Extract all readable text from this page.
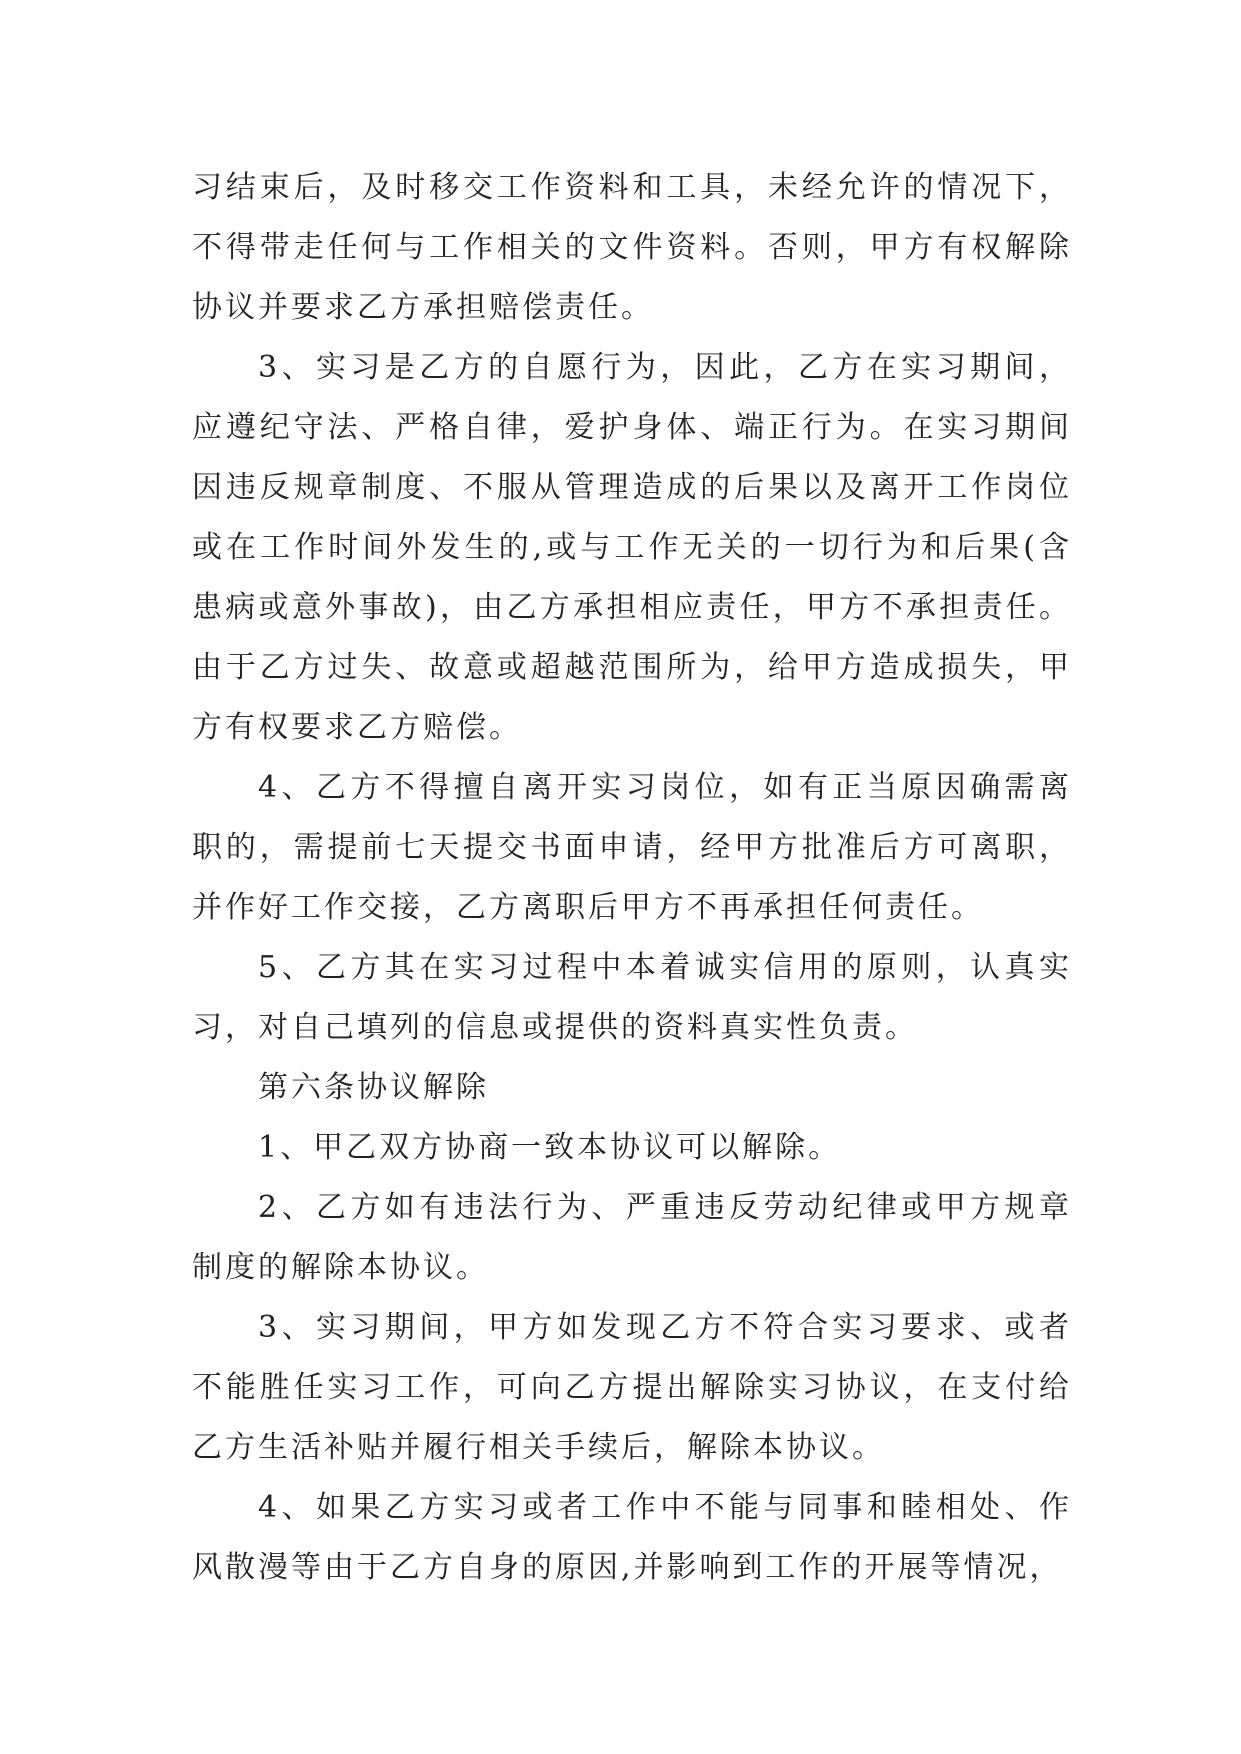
习结束后，及时移交工作资料和工具，未经允许的情况下，不得带走任何与工作相关的文件资料。否则，甲方有权解除协议并要求乙方承担赔偿责任。

3、实习是乙方的自愿行为，因此，乙方在实习期间，应遵纪守法、严格自律，爱护身体、端正行为。在实习期间因违反规章制度、不服从管理造成的后果以及离开工作岗位或在工作时间外发生的,或与工作无关的一切行为和后果(含患病或意外事故)，由乙方承担相应责任，甲方不承担责任。由于乙方过失、故意或超越范围所为，给甲方造成损失，甲方有权要求乙方赔偿。

4、乙方不得擅自离开实习岗位，如有正当原因确需离职的，需提前七天提交书面申请，经甲方批准后方可离职，并作好工作交接，乙方离职后甲方不再承担任何责任。

5、乙方其在实习过程中本着诚实信用的原则，认真实习，对自己填列的信息或提供的资料真实性负责。

第六条协议解除

1、甲乙双方协商一致本协议可以解除。

2、乙方如有违法行为、严重违反劳动纪律或甲方规章制度的解除本协议。

3、实习期间，甲方如发现乙方不符合实习要求、或者不能胜任实习工作，可向乙方提出解除实习协议，在支付给乙方生活补贴并履行相关手续后，解除本协议。

4、如果乙方实习或者工作中不能与同事和睦相处、作风散漫等由于乙方自身的原因,并影响到工作的开展等情况，
